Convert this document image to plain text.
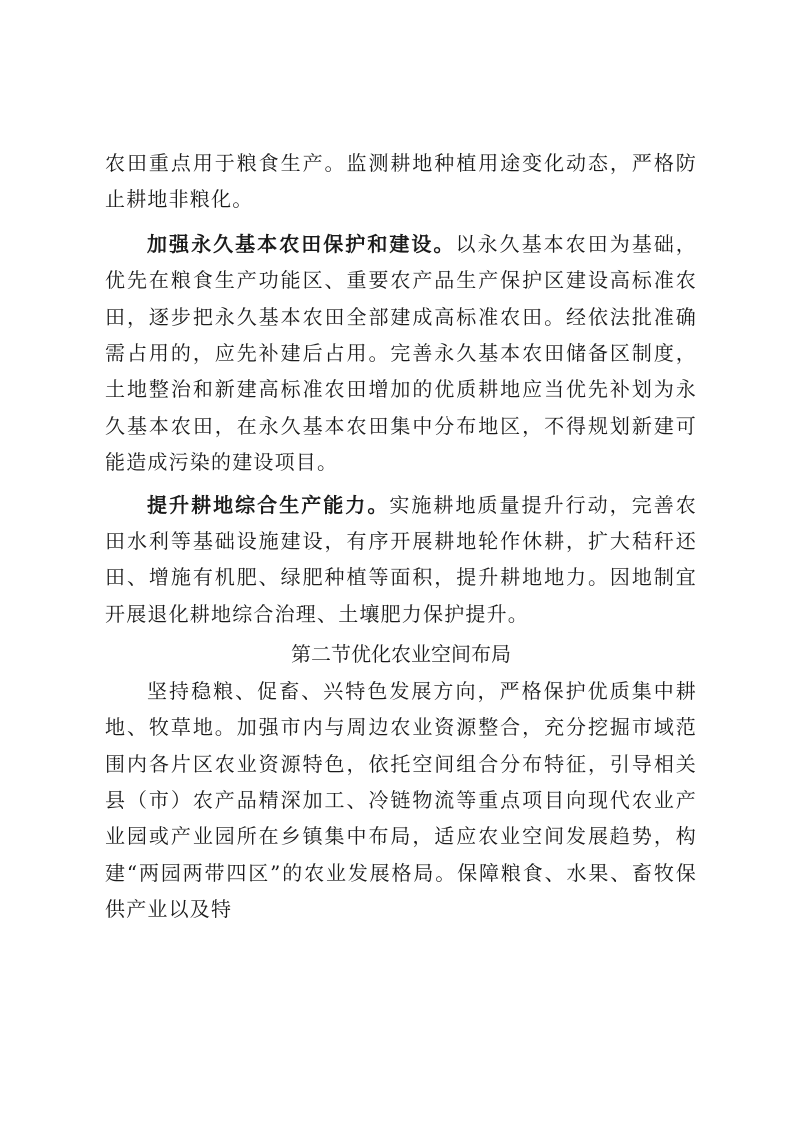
农田重点用于粮食生产。监测耕地种植用途变化动态，严格防止耕地非粮化。

加强永久基本农田保护和建设。以永久基本农田为基础，优先在粮食生产功能区、重要农产品生产保护区建设高标准农田，逐步把永久基本农田全部建成高标准农田。经依法批准确需占用的，应先补建后占用。完善永久基本农田储备区制度，土地整治和新建高标准农田增加的优质耕地应当优先补划为永久基本农田，在永久基本农田集中分布地区，不得规划新建可能造成污染的建设项目。

提升耕地综合生产能力。实施耕地质量提升行动，完善农田水利等基础设施建设，有序开展耕地轮作休耕，扩大秸秆还田、增施有机肥、绿肥种植等面积，提升耕地地力。因地制宜开展退化耕地综合治理、土壤肥力保护提升。

第二节优化农业空间布局

坚持稳粮、促畜、兴特色发展方向，严格保护优质集中耕地、牧草地。加强市内与周边农业资源整合，充分挖掘市域范围内各片区农业资源特色，依托空间组合分布特征，引导相关县（市）农产品精深加工、冷链物流等重点项目向现代农业产业园或产业园所在乡镇集中布局，适应农业空间发展趋势，构建“两园两带四区”的农业发展格局。保障粮食、水果、畜牧保供产业以及特
